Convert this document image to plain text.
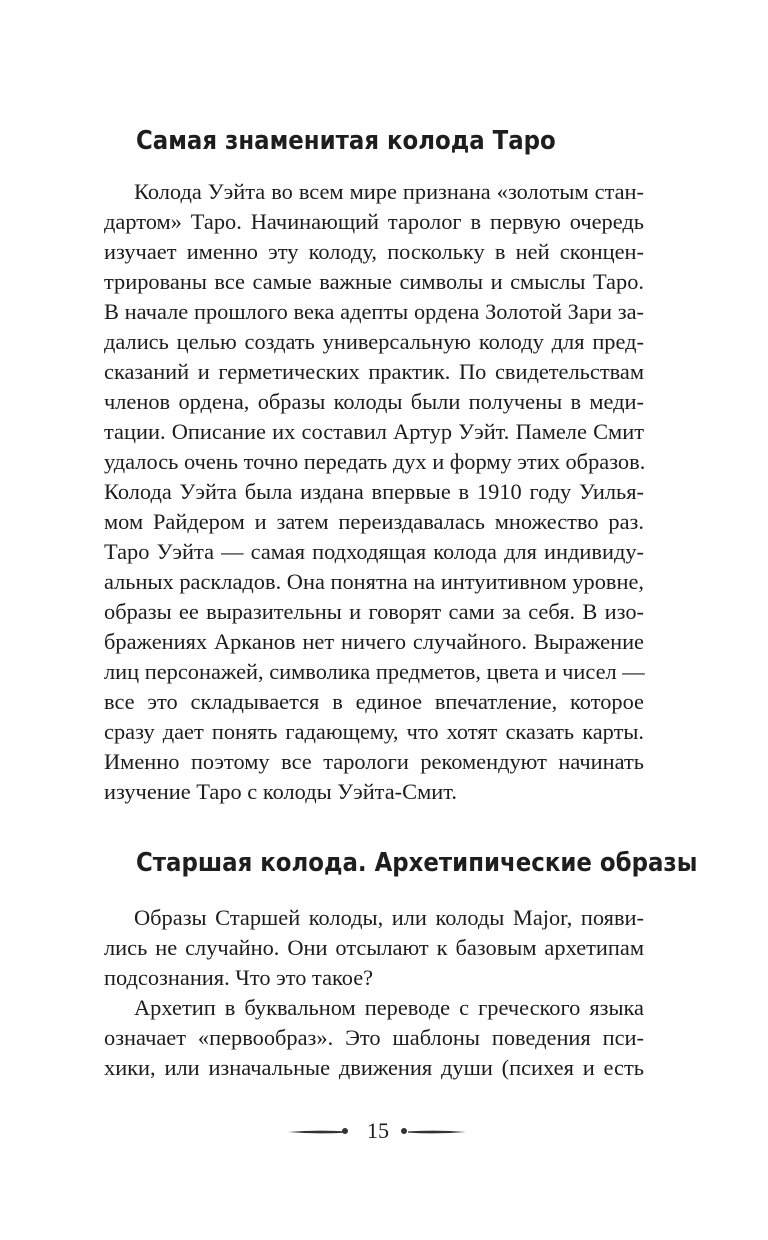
Самая знаменитая колода Таро
Колода Уэйта во всем мире признана «золотым стан-
дартом» Таро. Начинающий таролог в первую очередь
изучает именно эту колоду, поскольку в ней сконцен-
трированы все самые важные символы и смыслы Таро.
В начале прошлого века адепты ордена Золотой Зари за-
дались целью создать универсальную колоду для пред-
сказаний и герметических практик. По свидетельствам
членов ордена, образы колоды были получены в меди-
тации. Описание их составил Артур Уэйт. Памеле Смит
удалось очень точно передать дух и форму этих образов.
Колода Уэйта была издана впервые в 1910 году Уилья-
мом Райдером и затем переиздавалась множество раз.
Таро Уэйта — самая подходящая колода для индивиду-
альных раскладов. Она понятна на интуитивном уровне,
образы ее выразительны и говорят сами за себя. В изо-
бражениях Арканов нет ничего случайного. Выражение
лиц персонажей, символика предметов, цвета и чисел —
все это складывается в единое впечатление, которое
сразу дает понять гадающему, что хотят сказать карты.
Именно поэтому все тарологи рекомендуют начинать
изучение Таро с колоды Уэйта-Смит.
Старшая колода. Архетипические образы
Образы Старшей колоды, или колоды Major, появи-
лись не случайно. Они отсылают к базовым архетипам
подсознания. Что это такое?
Архетип в буквальном переводе с греческого языка
означает «первообраз». Это шаблоны поведения пси-
хики, или изначальные движения души (психея и есть
15
